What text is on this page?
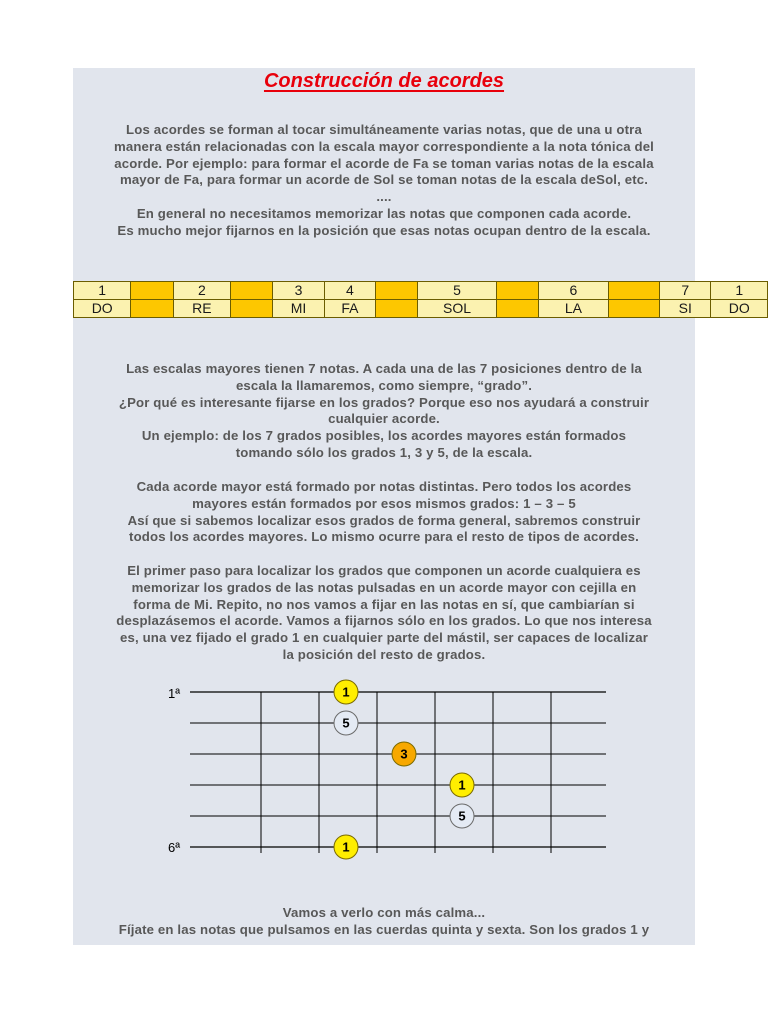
Construcción de acordes
Los acordes se forman al tocar simultáneamente varias notas, que de una u otra
manera están relacionadas con la escala mayor correspondiente a la nota tónica del
acorde. Por ejemplo: para formar el acorde de Fa se toman varias notas de la escala
mayor de Fa, para formar un acorde de Sol se toman notas de la escala deSol, etc.
....
En general no necesitamos memorizar las notas que componen cada acorde.
Es mucho mejor fijarnos en la posición que esas notas ocupan dentro de la escala.
1		2		3	4		5		6		7	1
DO		RE		MI	FA		SOL		LA		SI	DO
Las escalas mayores tienen 7 notas. A cada una de las 7 posiciones dentro de la
escala la llamaremos, como siempre, “grado”.
¿Por qué es interesante fijarse en los grados? Porque eso nos ayudará a construir
cualquier acorde.
Un ejemplo: de los 7 grados posibles, los acordes mayores están formados
tomando sólo los grados 1, 3 y 5, de la escala.
Cada acorde mayor está formado por notas distintas. Pero todos los acordes
mayores están formados por esos mismos grados: 1 – 3 – 5
Así que si sabemos localizar esos grados de forma general, sabremos construir
todos los acordes mayores. Lo mismo ocurre para el resto de tipos de acordes.
El primer paso para localizar los grados que componen un acorde cualquiera es
memorizar los grados de las notas pulsadas en un acorde mayor con cejilla en
forma de Mi. Repito, no nos vamos a fijar en las notas en sí, que cambiarían si
desplazásemos el acorde. Vamos a fijarnos sólo en los grados. Lo que nos interesa
es, una vez fijado el grado 1 en cualquier parte del mástil, ser capaces de localizar
la posición del resto de grados.
1ª
6ª
1
5
3
1
5
1
Vamos a verlo con más calma...
Fíjate en las notas que pulsamos en las cuerdas quinta y sexta. Son los grados 1 y
